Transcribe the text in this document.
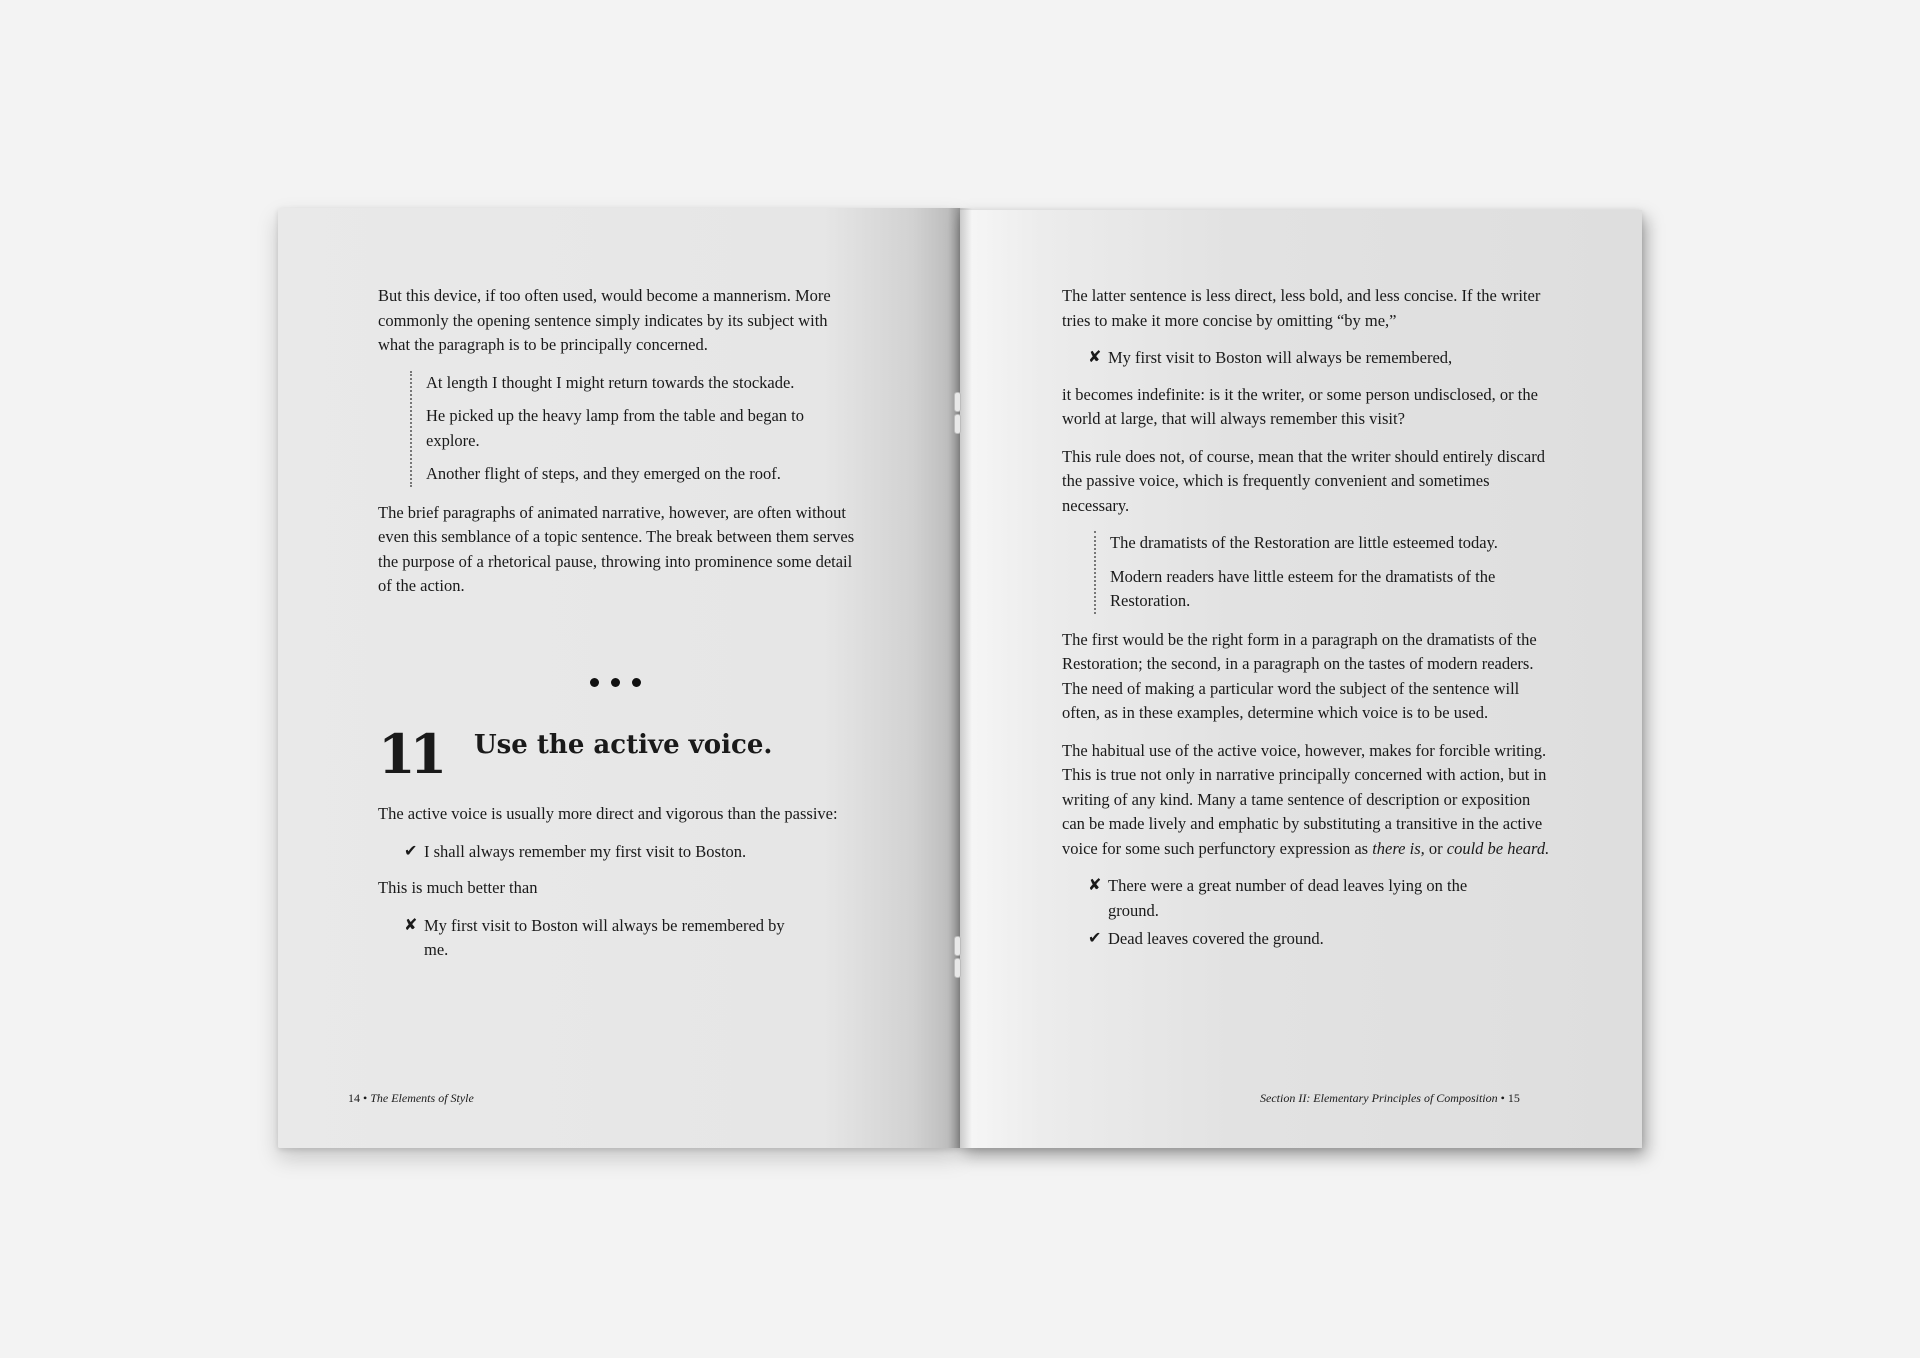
But this device, if too often used, would become a mannerism. More commonly the opening sentence simply indicates by its subject with what the paragraph is to be principally concerned.

At length I thought I might return towards the stockade.

He picked up the heavy lamp from the table and began to explore.

Another flight of steps, and they emerged on the roof.

The brief paragraphs of animated narrative, however, are often without even this semblance of a topic sentence. The break between them serves the purpose of a rhetorical pause, throwing into prominence some detail of the action.

11 Use the active voice.

The active voice is usually more direct and vigorous than the passive:

✔ I shall always remember my first visit to Boston.

This is much better than

✘ My first visit to Boston will always be remembered by me.
14 • The Elements of Style

The latter sentence is less direct, less bold, and less concise. If the writer tries to make it more concise by omitting “by me,”

✘ My first visit to Boston will always be remembered,

it becomes indefinite: is it the writer, or some person undisclosed, or the world at large, that will always remember this visit?

This rule does not, of course, mean that the writer should entirely discard the passive voice, which is frequently convenient and sometimes necessary.

The dramatists of the Restoration are little esteemed today.

Modern readers have little esteem for the dramatists of the Restoration.

The first would be the right form in a paragraph on the dramatists of the Restoration; the second, in a paragraph on the tastes of modern readers. The need of making a particular word the subject of the sentence will often, as in these examples, determine which voice is to be used.

The habitual use of the active voice, however, makes for forcible writing. This is true not only in narrative principally concerned with action, but in writing of any kind. Many a tame sentence of description or exposition can be made lively and emphatic by substituting a transitive in the active voice for some such perfunctory expression as there is, or could be heard.

✘ There were a great number of dead leaves lying on the ground.
✔ Dead leaves covered the ground.
Section II: Elementary Principles of Composition • 15
